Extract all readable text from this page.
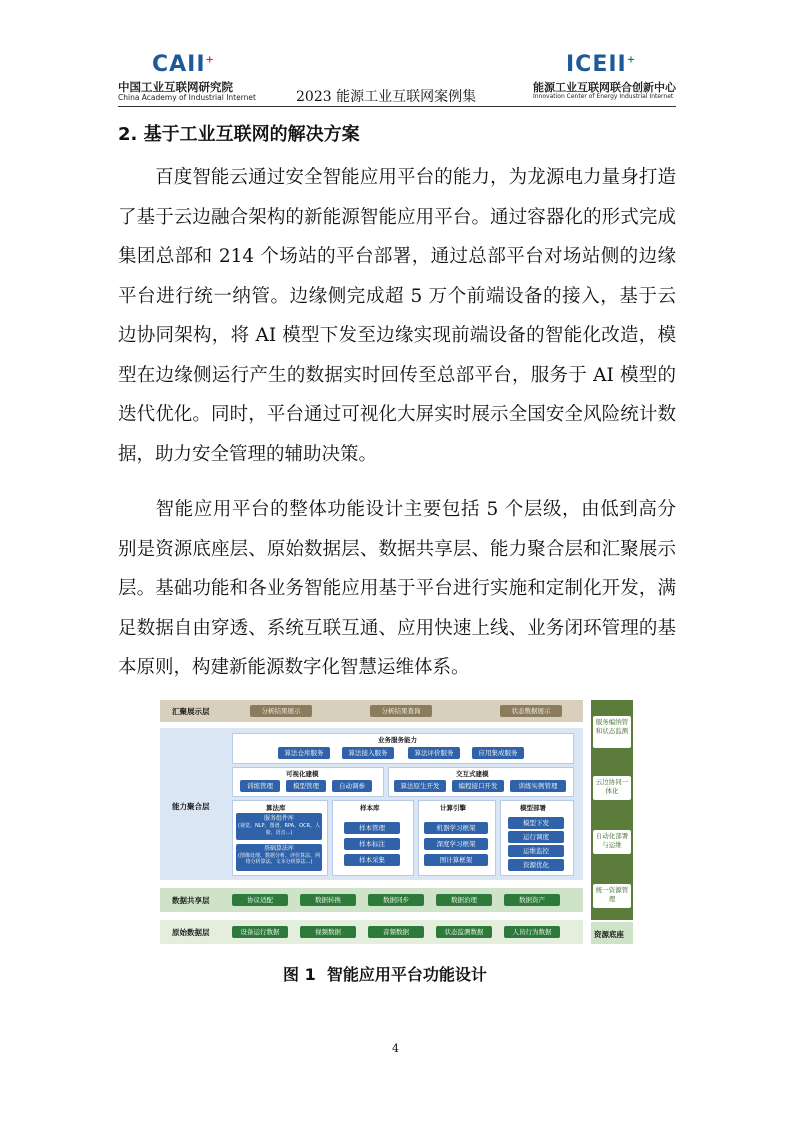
CAII+
中国工业互联网研究院
China Academy of Industrial Internet	2023 能源工业互联网案例集
ICEII+
能源工业互联网联合创新中心
Innovation Center of Energy Industrial Internet
2. 基于工业互联网的解决方案
百度智能云通过安全智能应用平台的能力，为龙源电力量身打造了基于云边融合架构的新能源智能应用平台。通过容器化的形式完成集团总部和 214 个场站的平台部署，通过总部平台对场站侧的边缘平台进行统一纳管。边缘侧完成超 5 万个前端设备的接入，基于云边协同架构，将 AI 模型下发至边缘实现前端设备的智能化改造，模型在边缘侧运行产生的数据实时回传至总部平台，服务于 AI 模型的迭代优化。同时，平台通过可视化大屏实时展示全国安全风险统计数据，助力安全管理的辅助决策。
智能应用平台的整体功能设计主要包括 5 个层级，由低到高分别是资源底座层、原始数据层、数据共享层、能力聚合层和汇聚展示层。基础功能和各业务智能应用基于平台进行实施和定制化开发，满足数据自由穿透、系统互联互通、应用快速上线、业务闭环管理的基本原则，构建新能源数字化智慧运维体系。
汇聚展示层	分析结果展示	分析结果查询	状态数据展示
能力聚合层
业务服务能力
算法仓库服务	算法接入服务	算法评价服务	应用集成服务
可视化建模
训练管理	模型管理	自动调参
交互式建模
算法原生开发	编程接口开发	训练实例管理
算法库
服务组件库
(视觉、NLP、图谱、RPA、OCR、人脸、语音...)
基础算法库
(图像处理、数据分析、评价算法、网络分析算法、文本分析算法...)
样本库
样本管理
样本标注
样本采集
计算引擎
机器学习框架
深度学习框架
图计算框架
模型部署
模型下发
运行调度
运维监控
资源优化
数据共享层	协议适配	数据转换	数据同步	数据治理	数据资产
原始数据层	设备运行数据	视频数据	音频数据	状态监测数据	人员行为数据
服务编纳管和状态监测
云边协同一体化
自动化部署与运维
统一资源管理
资源底座
图 1  智能应用平台功能设计
4
